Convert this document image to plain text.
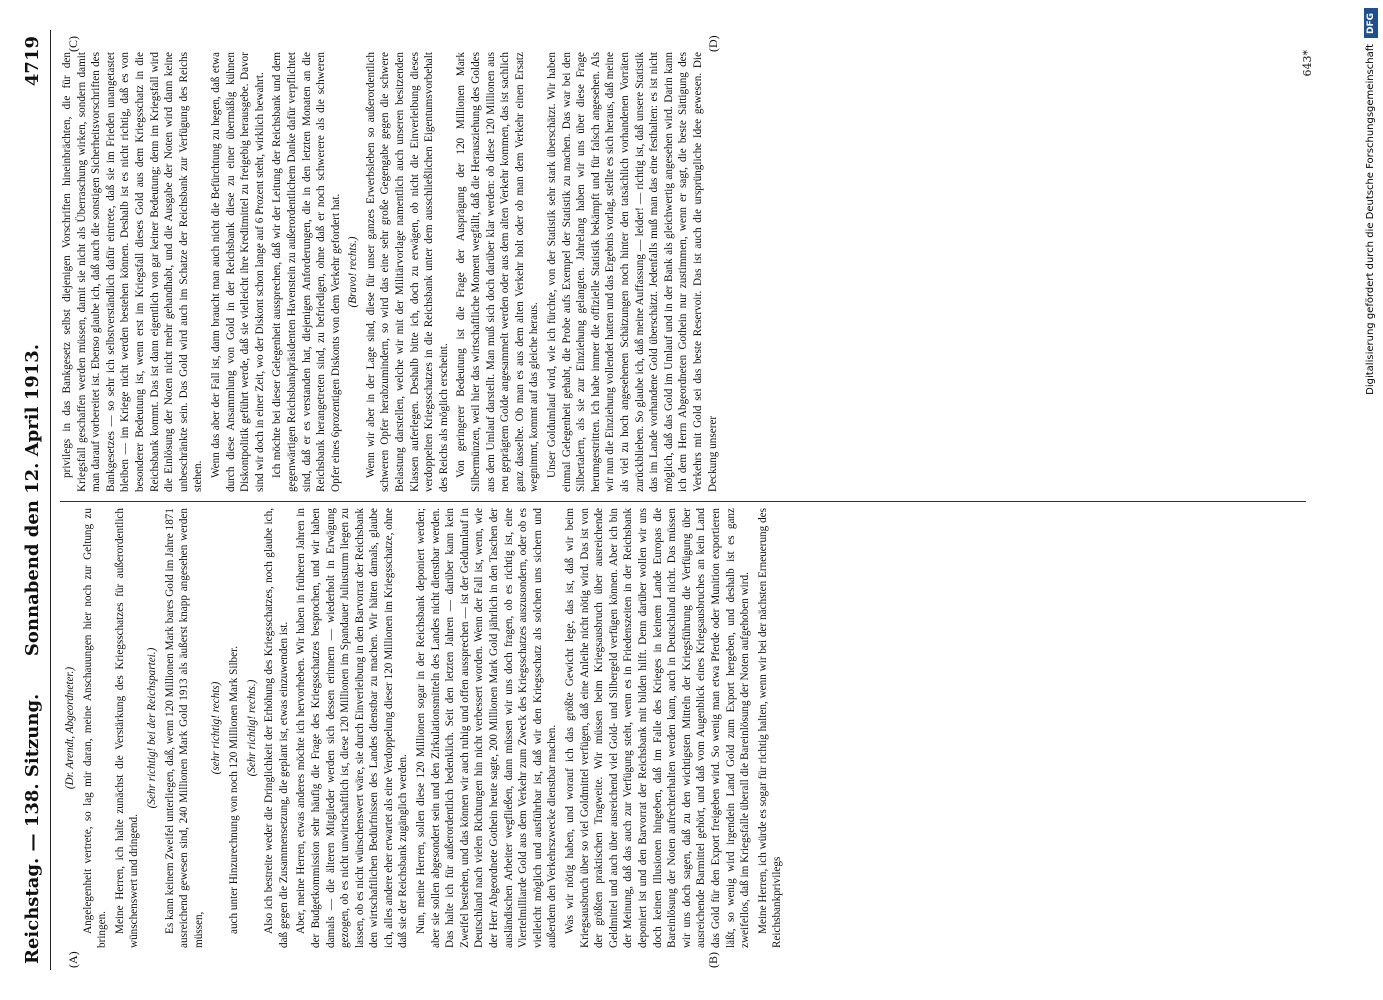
Reichstag. — 138. Sitzung.
Sonnabend den 12. April 1913.
4719
(A)	(B)
(C)	(D)

(Dr. Arendt, Abgeordneter.) Angelegenheit vertrete, so lag mir daran, meine Anschauungen hier noch zur Geltung zu bringen. Meine Herren, ich halte zunächst die Verstärkung des Kriegsschatzes für außerordentlich wünschenswert und dringend.

(Sehr richtig! bei der Reichspartei.) Es kann keinem Zweifel unterliegen, daß, wenn 120 Millionen Mark bares Gold im Jahre 1871 ausreichend gewesen sind, 240 Millionen Mark Gold 1913 als äußerst knapp angesehen werden müssen,

(sehr richtig! rechts) auch unter Hinzurechnung von noch 120 Millionen Mark Silber. (Sehr richtig! rechts.) Also ich bestreite weder die Dringlichkeit der Erhöhung des Kriegsschatzes, noch glaube ich, daß gegen die Zusammensetzung, die geplant ist, etwas einzuwenden ist. Aber, meine Herren, etwas anderes möchte ich hervorheben. Wir haben in früheren Jahren in der Budgetkommission sehr häufig die Frage des Kriegsschatzes besprochen, und wir haben damals — die älteren Mitglieder werden sich dessen erinnern — wiederholt in Erwägung gezogen, ob es nicht unwirtschaftlich ist, diese 120 Millionen im Spandauer Juliusturm liegen zu lassen, ob es nicht wünschenswert wäre, sie durch Einverleibung in den Barvorrat der Reichsbank den wirtschaftlichen Bedürfnissen des Landes dienstbar zu machen. Wir hätten damals, glaube ich, alles andere eher erwartet als eine Verdoppelung dieser 120 Millionen im Kriegsschatze, ohne daß sie der Reichsbank zugänglich werden. Nun, meine Herren, sollen diese 120 Millionen sogar in der Reichsbank deponiert werden; aber sie sollen abgesondert sein und den Zirkulationsmitteln des Landes nicht dienstbar werden. Das halte ich für außerordentlich bedenklich. Seit den letzten Jahren — darüber kann kein Zweifel bestehen, und das können wir auch ruhig und offen aussprechen — ist der Geldumlauf in Deutschland nach vielen Richtungen hin nicht verbessert worden. Wenn der Fall ist, wenn, wie der Herr Abgeordnete Gothein heute sagte, 200 Millionen Mark Gold jährlich in den Taschen der ausländischen Arbeiter wegfließen, dann müssen wir uns doch fragen, ob es richtig ist, eine Viertelmilliarde Gold aus dem Verkehr zum Zweck des Kriegsschatzes auszusondern, oder ob es vielleicht möglich und ausführbar ist, daß wir den Kriegsschatz als solchen uns sichern und außerdem den Verkehrszwecke dienstbar machen. Was wir nötig haben, und worauf ich das größte Gewicht lege, das ist, daß wir beim Kriegsausbruch über so viel Goldmittel verfügen, daß eine Anleihe nicht nötig wird. Das ist von der größten praktischen Tragweite. Wir müssen beim Kriegsausbruch über ausreichende Geldmittel und auch über ausreichend viel Gold- und Silbergeld verfügen können. Aber ich bin der Meinung, daß das auch zur Verfügung steht, wenn es in Friedenszeiten in der Reichsbank deponiert ist und den Barvorrat der Reichsbank mit bilden hilft. Denn darüber wollen wir uns doch keinen Illusionen hingeben, daß im Falle des Krieges in keinem Lande Europas die Bareinlösung der Noten aufrechterhalten werden kann, auch in Deutschland nicht. Das müssen wir uns doch sagen, daß zu den wichtigsten Mitteln der Kriegsführung die Verfügung über ausreichende Barmittel gehört, und daß vom Augenblick eines Kriegsausbruches an kein Land das Gold für den Export freigeben wird. So wenig man etwa Pferde oder Munition exportieren läßt, so wenig wird irgendein Land Gold zum Export hergeben, und deshalb ist es ganz zweifellos, daß im Kriegsfalle überall die Bareinlösung der Noten aufgehoben wird. Meine Herren, ich würde es sogar für richtig halten, wenn wir bei der nächsten Erneuerung des Reichsbankprivilegs

privilegs in das Bankgesetz selbst diejenigen Vorschriften hineinbrächten, die für den Kriegsfall geschaffen werden müssen, damit sie nicht als Überraschung wirken, sondern damit man darauf vorbereitet ist. Ebenso glaube ich, daß auch die sonstigen Sicherheitsvorschriften des Bankgesetzes — so sehr ich selbstverständlich dafür eintrete, daß sie im Frieden unangetastet bleiben — im Kriege nicht werden bestehen können. Deshalb ist es nicht richtig, daß es von besonderer Bedeutung ist, wenn erst im Kriegsfall dieses Gold aus dem Kriegsschatz in die Reichsbank kommt. Das ist dann eigentlich von gar keiner Bedeutung; denn im Kriegsfall wird die Einlösung der Noten nicht mehr gehandhabt, und die Ausgabe der Noten wird dann keine unbeschränkte sein. Das Gold wird auch im Schatze der Reichsbank zur Verfügung des Reichs stehen. Wenn das aber der Fall ist, dann braucht man auch nicht die Befürchtung zu hegen, daß etwa durch diese Ansammlung von Gold in der Reichsbank diese zu einer übermäßig kühnen Diskontpolitik geführt werde, daß sie vielleicht ihre Kreditmittel zu freigebig herausgebe. Davor sind wir doch in einer Zeit, wo der Diskont schon lange auf 6 Prozent steht, wirklich bewahrt. Ich möchte bei dieser Gelegenheit aussprechen, daß wir der Leitung der Reichsbank und dem gegenwärtigen Reichsbankpräsidenten Havenstein zu außerordentlichem Danke dafür verpflichtet sind, daß er es verstanden hat, diejenigen Anforderungen, die in den letzten Monaten an die Reichsbank herangetreten sind, zu befriedigen, ohne daß er noch schwerere als die schweren Opfer eines 6prozentigen Diskonts von dem Verkehr gefordert hat. (Bravo! rechts.) Wenn wir aber in der Lage sind, diese für unser ganzes Erwerbsleben so außerordentlich schweren Opfer herabzumindern, so wird das eine sehr große Gegengabe gegen die schwere Belastung darstellen, welche wir mit der Militärvorlage namentlich auch unseren besitzenden Klassen auferlegen. Deshalb bitte ich, doch zu erwägen, ob nicht die Einverleibung dieses verdoppelten Kriegsschatzes in die Reichsbank unter dem ausschließlichen Eigentumsvorbehalt des Reichs als möglich erscheint. Von geringerer Bedeutung ist die Frage der Ausprägung der 120 Millionen Mark Silbermünzen, weil hier das wirtschaftliche Moment wegfällt, daß die Herausziehung des Goldes aus dem Umlauf darstellt. Man muß sich doch darüber klar werden: ob diese 120 Millionen aus neu geprägtem Golde angesammelt werden oder aus dem alten Verkehr kommen, das ist sachlich ganz dasselbe. Ob man es aus dem alten Verkehr holt oder ob man dem Verkehr einen Ersatz wegnimmt, kommt auf das gleiche heraus. Unser Goldumlauf wird, wie ich fürchte, von der Statistik sehr stark überschätzt. Wir haben einmal Gelegenheit gehabt, die Probe aufs Exempel der Statistik zu machen. Das war bei den Silbertalern, als sie zur Einziehung gelangten. Jahrelang haben wir uns über diese Frage herumgestritten. Ich habe immer die offizielle Statistik bekämpft und für falsch angesehen. Als wir nun die Einziehung vollendet hatten und das Ergebnis vorlag, stellte es sich heraus, daß meine als viel zu hoch angesehenen Schätzungen noch hinter den tatsächlich vorhandenen Vorräten zurückblieben. So glaube ich, daß meine Auffassung — leider! — richtig ist, daß unsere Statistik das im Lande vorhandene Gold überschätzt. Jedenfalls muß man das eine festhalten: es ist nicht möglich, daß das Gold im Umlauf und in der Bank als gleichwertig angesehen wird. Darin kann ich dem Herrn Abgeordneten Gothein nur zustimmen, wenn er sagt, die beste Sättigung des Verkehrs mit Gold sei das beste Reservoir. Das ist auch die ursprüngliche Idee gewesen. Die Deckung unserer

643*
DFG
Digitalisierung gefördert durch die Deutsche Forschungsgemeinschaft
